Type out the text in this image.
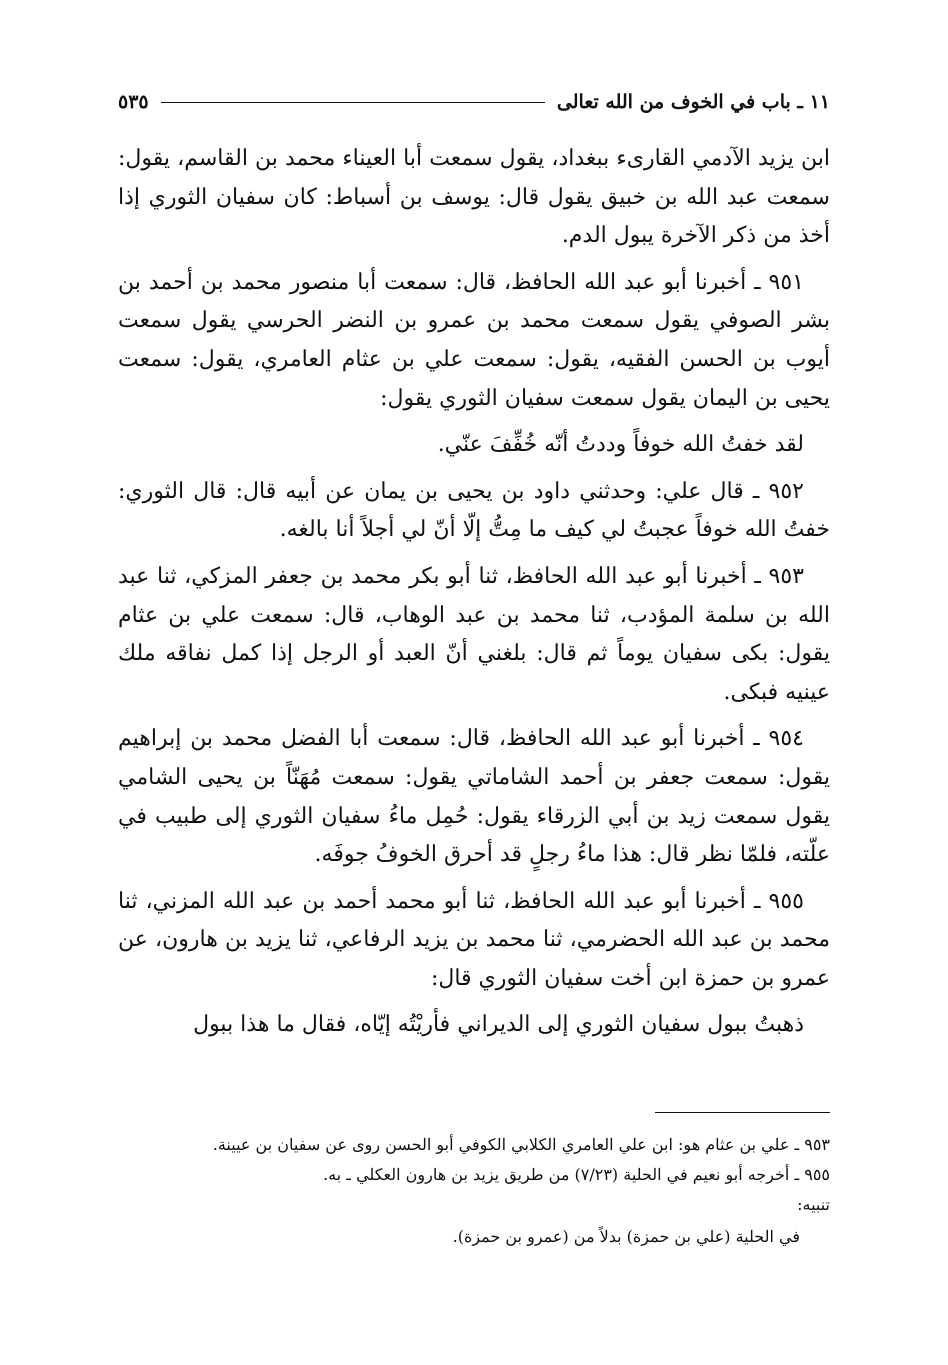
١١ ـ باب في الخوف من الله تعالى
٥٣٥

ابن يزيد الآدمي القارىء ببغداد، يقول سمعت أبا العيناء محمد بن القاسم، يقول: سمعت عبد الله بن خبيق يقول قال: يوسف بن أسباط: كان سفيان الثوري إذا أخذ من ذكر الآخرة يبول الدم.

٩٥١ ـ أخبرنا أبو عبد الله الحافظ، قال: سمعت أبا منصور محمد بن أحمد بن بشر الصوفي يقول سمعت محمد بن عمرو بن النضر الحرسي يقول سمعت أيوب بن الحسن الفقيه، يقول: سمعت علي بن عثام العامري، يقول: سمعت يحيى بن اليمان يقول سمعت سفيان الثوري يقول:

لقد خفتُ الله خوفاً وددتُ أنّه خُفِّفَ عنّي.

٩٥٢ ـ قال علي: وحدثني داود بن يحيى بن يمان عن أبيه قال: قال الثوري: خفتُ الله خوفاً عجبتُ لي كيف ما مِتُّ إلّا أنّ لي أجلاً أنا بالغه.

٩٥٣ ـ أخبرنا أبو عبد الله الحافظ، ثنا أبو بكر محمد بن جعفر المزكي، ثنا عبد الله بن سلمة المؤدب، ثنا محمد بن عبد الوهاب، قال: سمعت علي بن عثام يقول: بكى سفيان يوماً ثم قال: بلغني أنّ العبد أو الرجل إذا كمل نفاقه ملك عينيه فبكى.

٩٥٤ ـ أخبرنا أبو عبد الله الحافظ، قال: سمعت أبا الفضل محمد بن إبراهيم يقول: سمعت جعفر بن أحمد الشاماتي يقول: سمعت مُهَنّاً بن يحيى الشامي يقول سمعت زيد بن أبي الزرقاء يقول: حُمِل ماءُ سفيان الثوري إلى طبيب في علّته، فلمّا نظر قال: هذا ماءُ رجلٍ قد أحرق الخوفُ جوفَه.

٩٥٥ ـ أخبرنا أبو عبد الله الحافظ، ثنا أبو محمد أحمد بن عبد الله المزني، ثنا محمد بن عبد الله الحضرمي، ثنا محمد بن يزيد الرفاعي، ثنا يزيد بن هارون، عن عمرو بن حمزة ابن أخت سفيان الثوري قال:

ذهبتُ ببول سفيان الثوري إلى الديراني فأريْتُه إيّاه، فقال ما هذا ببول

٩٥٣ ـ علي بن عثام هو: ابن علي العامري الكلابي الكوفي أبو الحسن روى عن سفيان بن عيينة.

٩٥٥ ـ أخرجه أبو نعيم في الحلية (٧/٢٣) من طريق يزيد بن هارون العكلي ـ به.

تنبيه:

في الحلية (علي بن حمزة) بدلاً من (عمرو بن حمزة).
